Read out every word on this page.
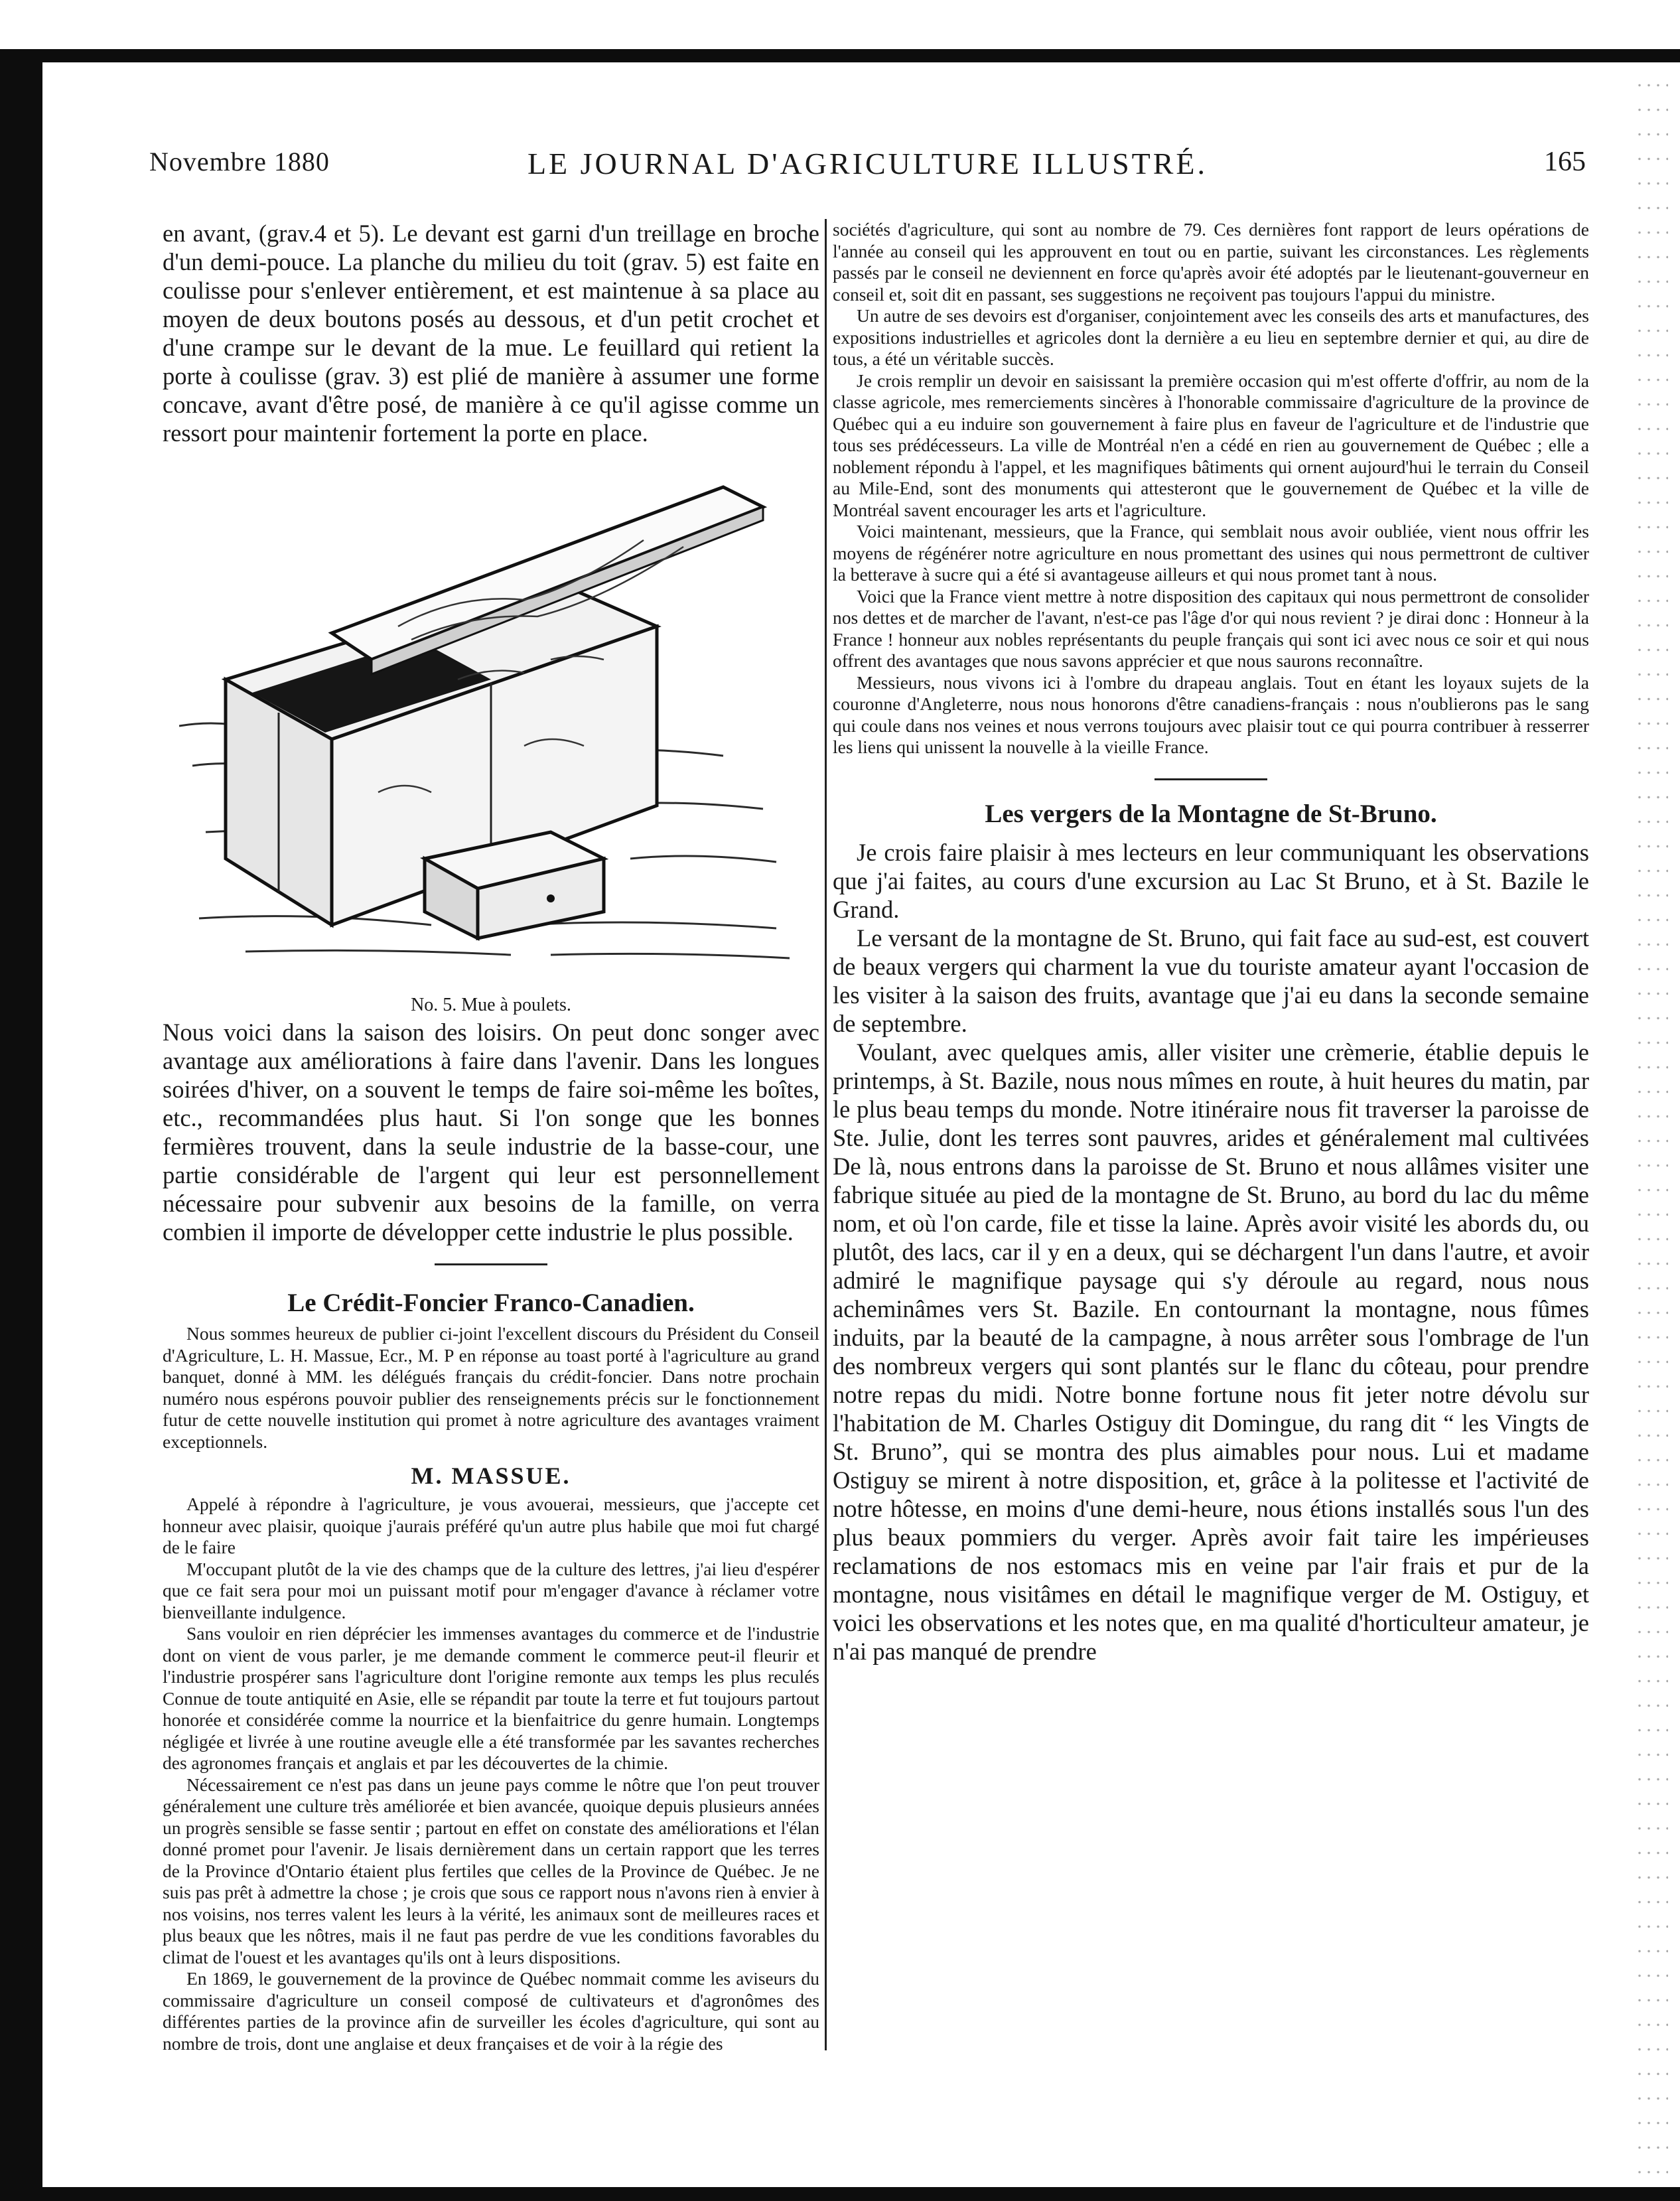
Novembre 1880	LE JOURNAL D'AGRICULTURE ILLUSTRÉ.	165

en avant, (grav.4 et 5). Le devant est garni d'un treillage en broche d'un demi-pouce. La planche du milieu du toit (grav. 5) est faite en coulisse pour s'enlever entièrement, et est maintenue à sa place au moyen de deux boutons posés au dessous, et d'un petit crochet et d'une crampe sur le devant de la mue. Le feuillard qui retient la porte à coulisse (grav. 3) est plié de manière à assumer une forme concave, avant d'être posé, de manière à ce qu'il agisse comme un ressort pour maintenir fortement la porte en place.

No. 5. Mue à poulets.

Nous voici dans la saison des loisirs. On peut donc songer avec avantage aux améliorations à faire dans l'avenir. Dans les longues soirées d'hiver, on a souvent le temps de faire soi-même les boîtes, etc., recommandées plus haut. Si l'on songe que les bonnes fermières trouvent, dans la seule industrie de la basse-cour, une partie considérable de l'argent qui leur est personnellement nécessaire pour subvenir aux besoins de la famille, on verra combien il importe de développer cette industrie le plus possible.

Le Crédit-Foncier Franco-Canadien.

Nous sommes heureux de publier ci-joint l'excellent discours du Président du Conseil d'Agriculture, L. H. Massue, Ecr., M. P en réponse au toast porté à l'agriculture au grand banquet, donné à MM. les délégués français du crédit-foncier. Dans notre prochain numéro nous espérons pouvoir publier des renseignements précis sur le fonctionnement futur de cette nouvelle institution qui promet à notre agriculture des avantages vraiment exceptionnels.

M. MASSUE.

Appelé à répondre à l'agriculture, je vous avouerai, messieurs, que j'accepte cet honneur avec plaisir, quoique j'aurais préféré qu'un autre plus habile que moi fut chargé de le faire

M'occupant plutôt de la vie des champs que de la culture des lettres, j'ai lieu d'espérer que ce fait sera pour moi un puissant motif pour m'engager d'avance à réclamer votre bienveillante indulgence.

Sans vouloir en rien déprécier les immenses avantages du commerce et de l'industrie dont on vient de vous parler, je me demande comment le commerce peut-il fleurir et l'industrie prospérer sans l'agriculture dont l'origine remonte aux temps les plus reculés Connue de toute antiquité en Asie, elle se répandit par toute la terre et fut toujours partout honorée et considérée comme la nourrice et la bienfaitrice du genre humain. Longtemps négligée et livrée à une routine aveugle elle a été transformée par les savantes recherches des agronomes français et anglais et par les découvertes de la chimie.

Nécessairement ce n'est pas dans un jeune pays comme le nôtre que l'on peut trouver généralement une culture très améliorée et bien avancée, quoique depuis plusieurs années un progrès sensible se fasse sentir ; partout en effet on constate des améliorations et l'élan donné promet pour l'avenir. Je lisais dernièrement dans un certain rapport que les terres de la Province d'Ontario étaient plus fertiles que celles de la Province de Québec. Je ne suis pas prêt à admettre la chose ; je crois que sous ce rapport nous n'avons rien à envier à nos voisins, nos terres valent les leurs à la vérité, les animaux sont de meilleures races et plus beaux que les nôtres, mais il ne faut pas perdre de vue les conditions favorables du climat de l'ouest et les avantages qu'ils ont à leurs dispositions.

En 1869, le gouvernement de la province de Québec nommait comme les aviseurs du commissaire d'agriculture un conseil composé de cultivateurs et d'agronômes des différentes parties de la province afin de surveiller les écoles d'agriculture, qui sont au nombre de trois, dont une anglaise et deux françaises et de voir à la régie des

sociétés d'agriculture, qui sont au nombre de 79. Ces dernières font rapport de leurs opérations de l'année au conseil qui les approuvent en tout ou en partie, suivant les circonstances. Les règlements passés par le conseil ne deviennent en force qu'après avoir été adoptés par le lieutenant-gouverneur en conseil et, soit dit en passant, ses suggestions ne reçoivent pas toujours l'appui du ministre.

Un autre de ses devoirs est d'organiser, conjointement avec les conseils des arts et manufactures, des expositions industrielles et agricoles dont la dernière a eu lieu en septembre dernier et qui, au dire de tous, a été un véritable succès.

Je crois remplir un devoir en saisissant la première occasion qui m'est offerte d'offrir, au nom de la classe agricole, mes remerciements sincères à l'honorable commissaire d'agriculture de la province de Québec qui a eu induire son gouvernement à faire plus en faveur de l'agriculture et de l'industrie que tous ses prédécesseurs. La ville de Montréal n'en a cédé en rien au gouvernement de Québec ; elle a noblement répondu à l'appel, et les magnifiques bâtiments qui ornent aujourd'hui le terrain du Conseil au Mile-End, sont des monuments qui attesteront que le gouvernement de Québec et la ville de Montréal savent encourager les arts et l'agriculture.

Voici maintenant, messieurs, que la France, qui semblait nous avoir oubliée, vient nous offrir les moyens de régénérer notre agriculture en nous promettant des usines qui nous permettront de cultiver la betterave à sucre qui a été si avantageuse ailleurs et qui nous promet tant à nous.

Voici que la France vient mettre à notre disposition des capitaux qui nous permettront de consolider nos dettes et de marcher de l'avant, n'est-ce pas l'âge d'or qui nous revient ? je dirai donc : Honneur à la France ! honneur aux nobles représentants du peuple français qui sont ici avec nous ce soir et qui nous offrent des avantages que nous savons apprécier et que nous saurons reconnaître.

Messieurs, nous vivons ici à l'ombre du drapeau anglais. Tout en étant les loyaux sujets de la couronne d'Angleterre, nous nous honorons d'être canadiens-français : nous n'oublierons pas le sang qui coule dans nos veines et nous verrons toujours avec plaisir tout ce qui pourra contribuer à resserrer les liens qui unissent la nouvelle à la vieille France.

Les vergers de la Montagne de St-Bruno.

Je crois faire plaisir à mes lecteurs en leur communiquant les observations que j'ai faites, au cours d'une excursion au Lac St Bruno, et à St. Bazile le Grand.

Le versant de la montagne de St. Bruno, qui fait face au sud-est, est couvert de beaux vergers qui charment la vue du touriste amateur ayant l'occasion de les visiter à la saison des fruits, avantage que j'ai eu dans la seconde semaine de septembre.

Voulant, avec quelques amis, aller visiter une crèmerie, établie depuis le printemps, à St. Bazile, nous nous mîmes en route, à huit heures du matin, par le plus beau temps du monde. Notre itinéraire nous fit traverser la paroisse de Ste. Julie, dont les terres sont pauvres, arides et généralement mal cultivées De là, nous entrons dans la paroisse de St. Bruno et nous allâmes visiter une fabrique située au pied de la montagne de St. Bruno, au bord du lac du même nom, et où l'on carde, file et tisse la laine. Après avoir visité les abords du, ou plutôt, des lacs, car il y en a deux, qui se déchargent l'un dans l'autre, et avoir admiré le magnifique paysage qui s'y déroule au regard, nous nous acheminâmes vers St. Bazile. En contournant la montagne, nous fûmes induits, par la beauté de la campagne, à nous arrêter sous l'ombrage de l'un des nombreux vergers qui sont plantés sur le flanc du côteau, pour prendre notre repas du midi. Notre bonne fortune nous fit jeter notre dévolu sur l'habitation de M. Charles Ostiguy dit Domingue, du rang dit “ les Vingts de St. Bruno”, qui se montra des plus aimables pour nous. Lui et madame Ostiguy se mirent à notre disposition, et, grâce à la politesse et l'activité de notre hôtesse, en moins d'une demi-heure, nous étions installés sous l'un des plus beaux pommiers du verger. Après avoir fait taire les impérieuses reclamations de nos estomacs mis en veine par l'air frais et pur de la montagne, nous visitâmes en détail le magnifique verger de M. Ostiguy, et voici les observations et les notes que, en ma qualité d'horticulteur amateur, je n'ai pas manqué de prendre
